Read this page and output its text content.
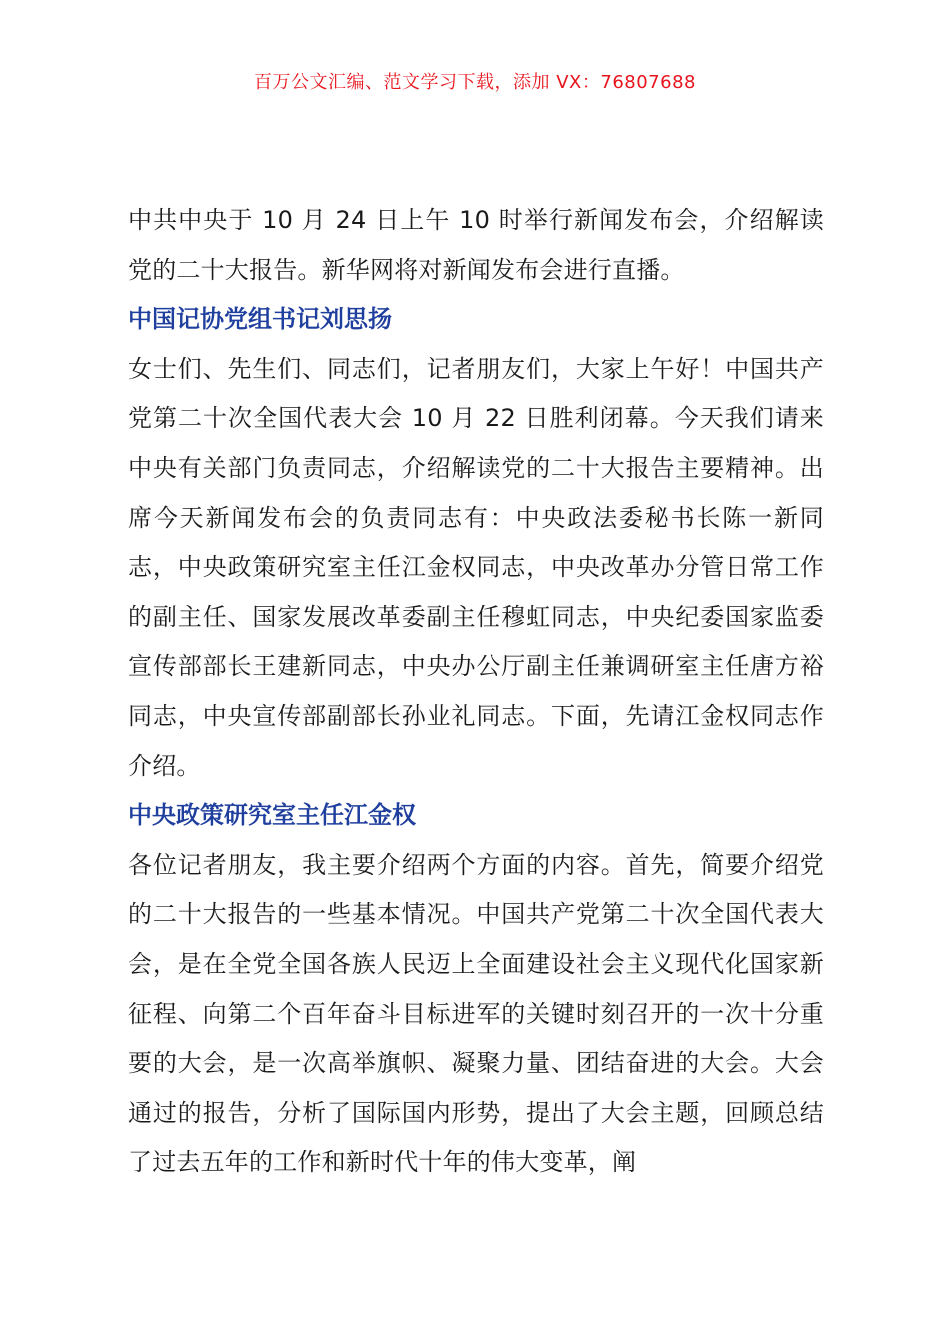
百万公文汇编、范文学习下载，添加 VX：76807688

中共中央于 10 月 24 日上午 10 时举行新闻发布会，介绍解读党的二十大报告。新华网将对新闻发布会进行直播。

中国记协党组书记刘思扬

女士们、先生们、同志们，记者朋友们，大家上午好！中国共产党第二十次全国代表大会 10 月 22 日胜利闭幕。今天我们请来中央有关部门负责同志，介绍解读党的二十大报告主要精神。出席今天新闻发布会的负责同志有：中央政法委秘书长陈一新同志，中央政策研究室主任江金权同志，中央改革办分管日常工作的副主任、国家发展改革委副主任穆虹同志，中央纪委国家监委宣传部部长王建新同志，中央办公厅副主任兼调研室主任唐方裕同志，中央宣传部副部长孙业礼同志。下面，先请江金权同志作介绍。

中央政策研究室主任江金权

各位记者朋友，我主要介绍两个方面的内容。首先，简要介绍党的二十大报告的一些基本情况。中国共产党第二十次全国代表大会，是在全党全国各族人民迈上全面建设社会主义现代化国家新征程、向第二个百年奋斗目标进军的关键时刻召开的一次十分重要的大会，是一次高举旗帜、凝聚力量、团结奋进的大会。大会通过的报告，分析了国际国内形势，提出了大会主题，回顾总结了过去五年的工作和新时代十年的伟大变革，阐
